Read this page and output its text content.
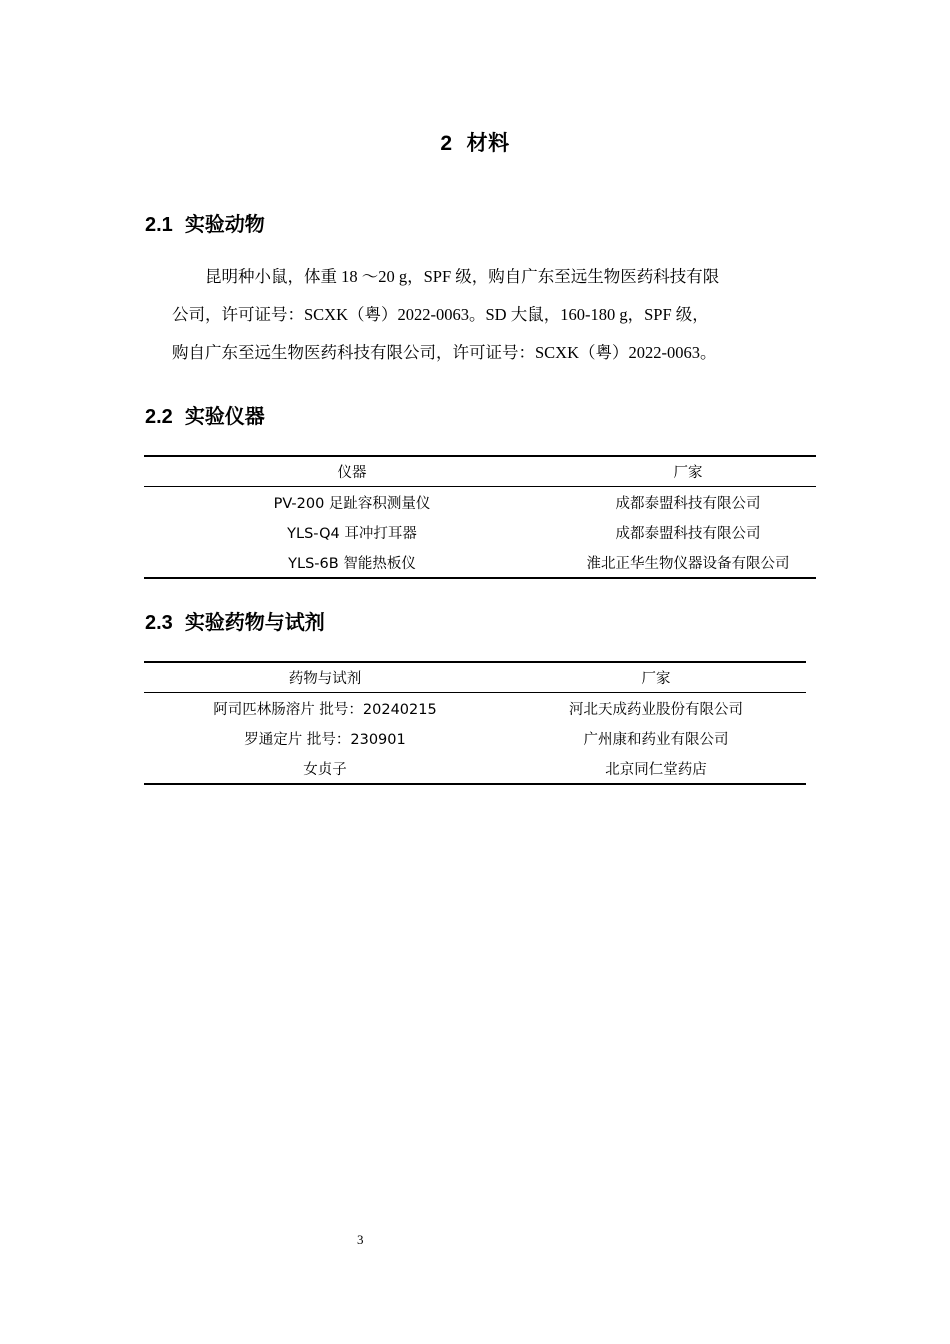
2 材料
2.1 实验动物
昆明种小鼠，体重 18 ～20 g，SPF 级，购自广东至远生物医药科技有限
公司，许可证号：SCXK（粤）2022-0063。SD 大鼠，160-180 g，SPF 级，
购自广东至远生物医药科技有限公司，许可证号：SCXK（粤）2022-0063。
2.2 实验仪器
仪器	厂家
PV-200 足趾容积测量仪	成都泰盟科技有限公司
YLS-Q4 耳冲打耳器	成都泰盟科技有限公司
YLS-6B 智能热板仪	淮北正华生物仪器设备有限公司
2.3 实验药物与试剂
药物与试剂	厂家
阿司匹林肠溶片 批号：20240215	河北天成药业股份有限公司
罗通定片 批号：230901	广州康和药业有限公司
女贞子	北京同仁堂药店
3
